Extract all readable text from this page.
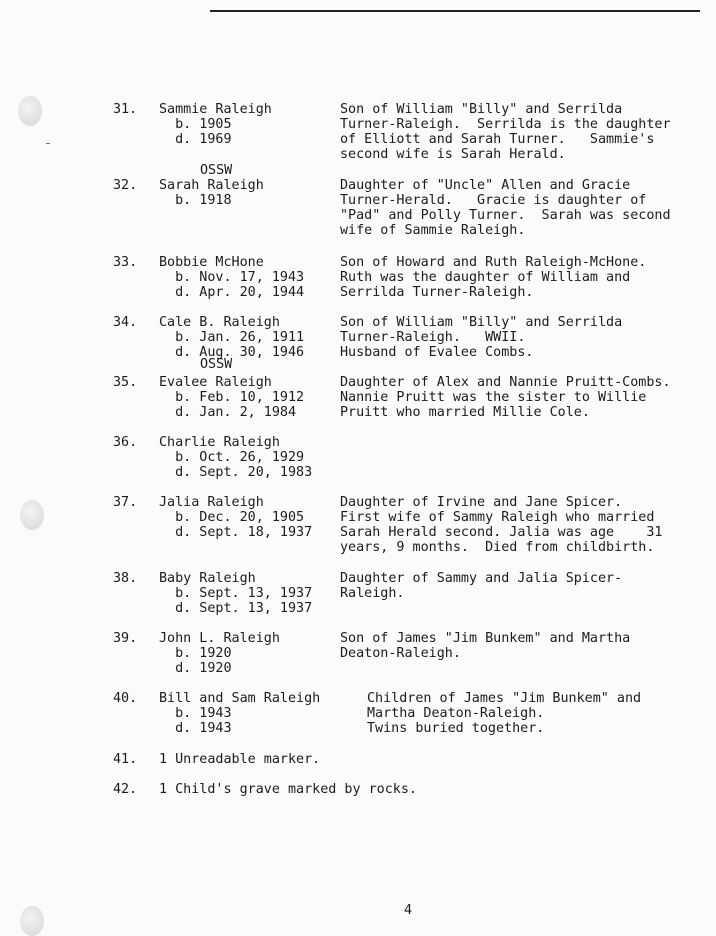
31. Sammie Raleigh
b. 1905
d. 1969
Son of William "Billy" and Serrilda
Turner-Raleigh.  Serrilda is the daughter
of Elliott and Sarah Turner.   Sammie's
second wife is Sarah Herald.
OSSW
32. Sarah Raleigh
b. 1918
Daughter of "Uncle" Allen and Gracie
Turner-Herald.   Gracie is daughter of
"Pad" and Polly Turner.  Sarah was second
wife of Sammie Raleigh.
33. Bobbie McHone
b. Nov. 17, 1943
d. Apr. 20, 1944
Son of Howard and Ruth Raleigh-McHone.
Ruth was the daughter of William and
Serrilda Turner-Raleigh.
34. Cale B. Raleigh
b. Jan. 26, 1911
d. Aug. 30, 1946
Son of William "Billy" and Serrilda
Turner-Raleigh.   WWII.
Husband of Evalee Combs.
OSSW
35. Evalee Raleigh
b. Feb. 10, 1912
d. Jan. 2, 1984
Daughter of Alex and Nannie Pruitt-Combs.
Nannie Pruitt was the sister to Willie
Pruitt who married Millie Cole.
36. Charlie Raleigh
b. Oct. 26, 1929
d. Sept. 20, 1983
37. Jalia Raleigh
b. Dec. 20, 1905
d. Sept. 18, 1937
Daughter of Irvine and Jane Spicer.
First wife of Sammy Raleigh who married
Sarah Herald second. Jalia was age    31
years, 9 months.  Died from childbirth.
38. Baby Raleigh
b. Sept. 13, 1937
d. Sept. 13, 1937
Daughter of Sammy and Jalia Spicer-
Raleigh.
39. John L. Raleigh
b. 1920
d. 1920
Son of James "Jim Bunkem" and Martha
Deaton-Raleigh.
40. Bill and Sam Raleigh
b. 1943
d. 1943
Children of James "Jim Bunkem" and
Martha Deaton-Raleigh.
Twins buried together.
41. 1 Unreadable marker.
42. 1 Child's grave marked by rocks.
4
